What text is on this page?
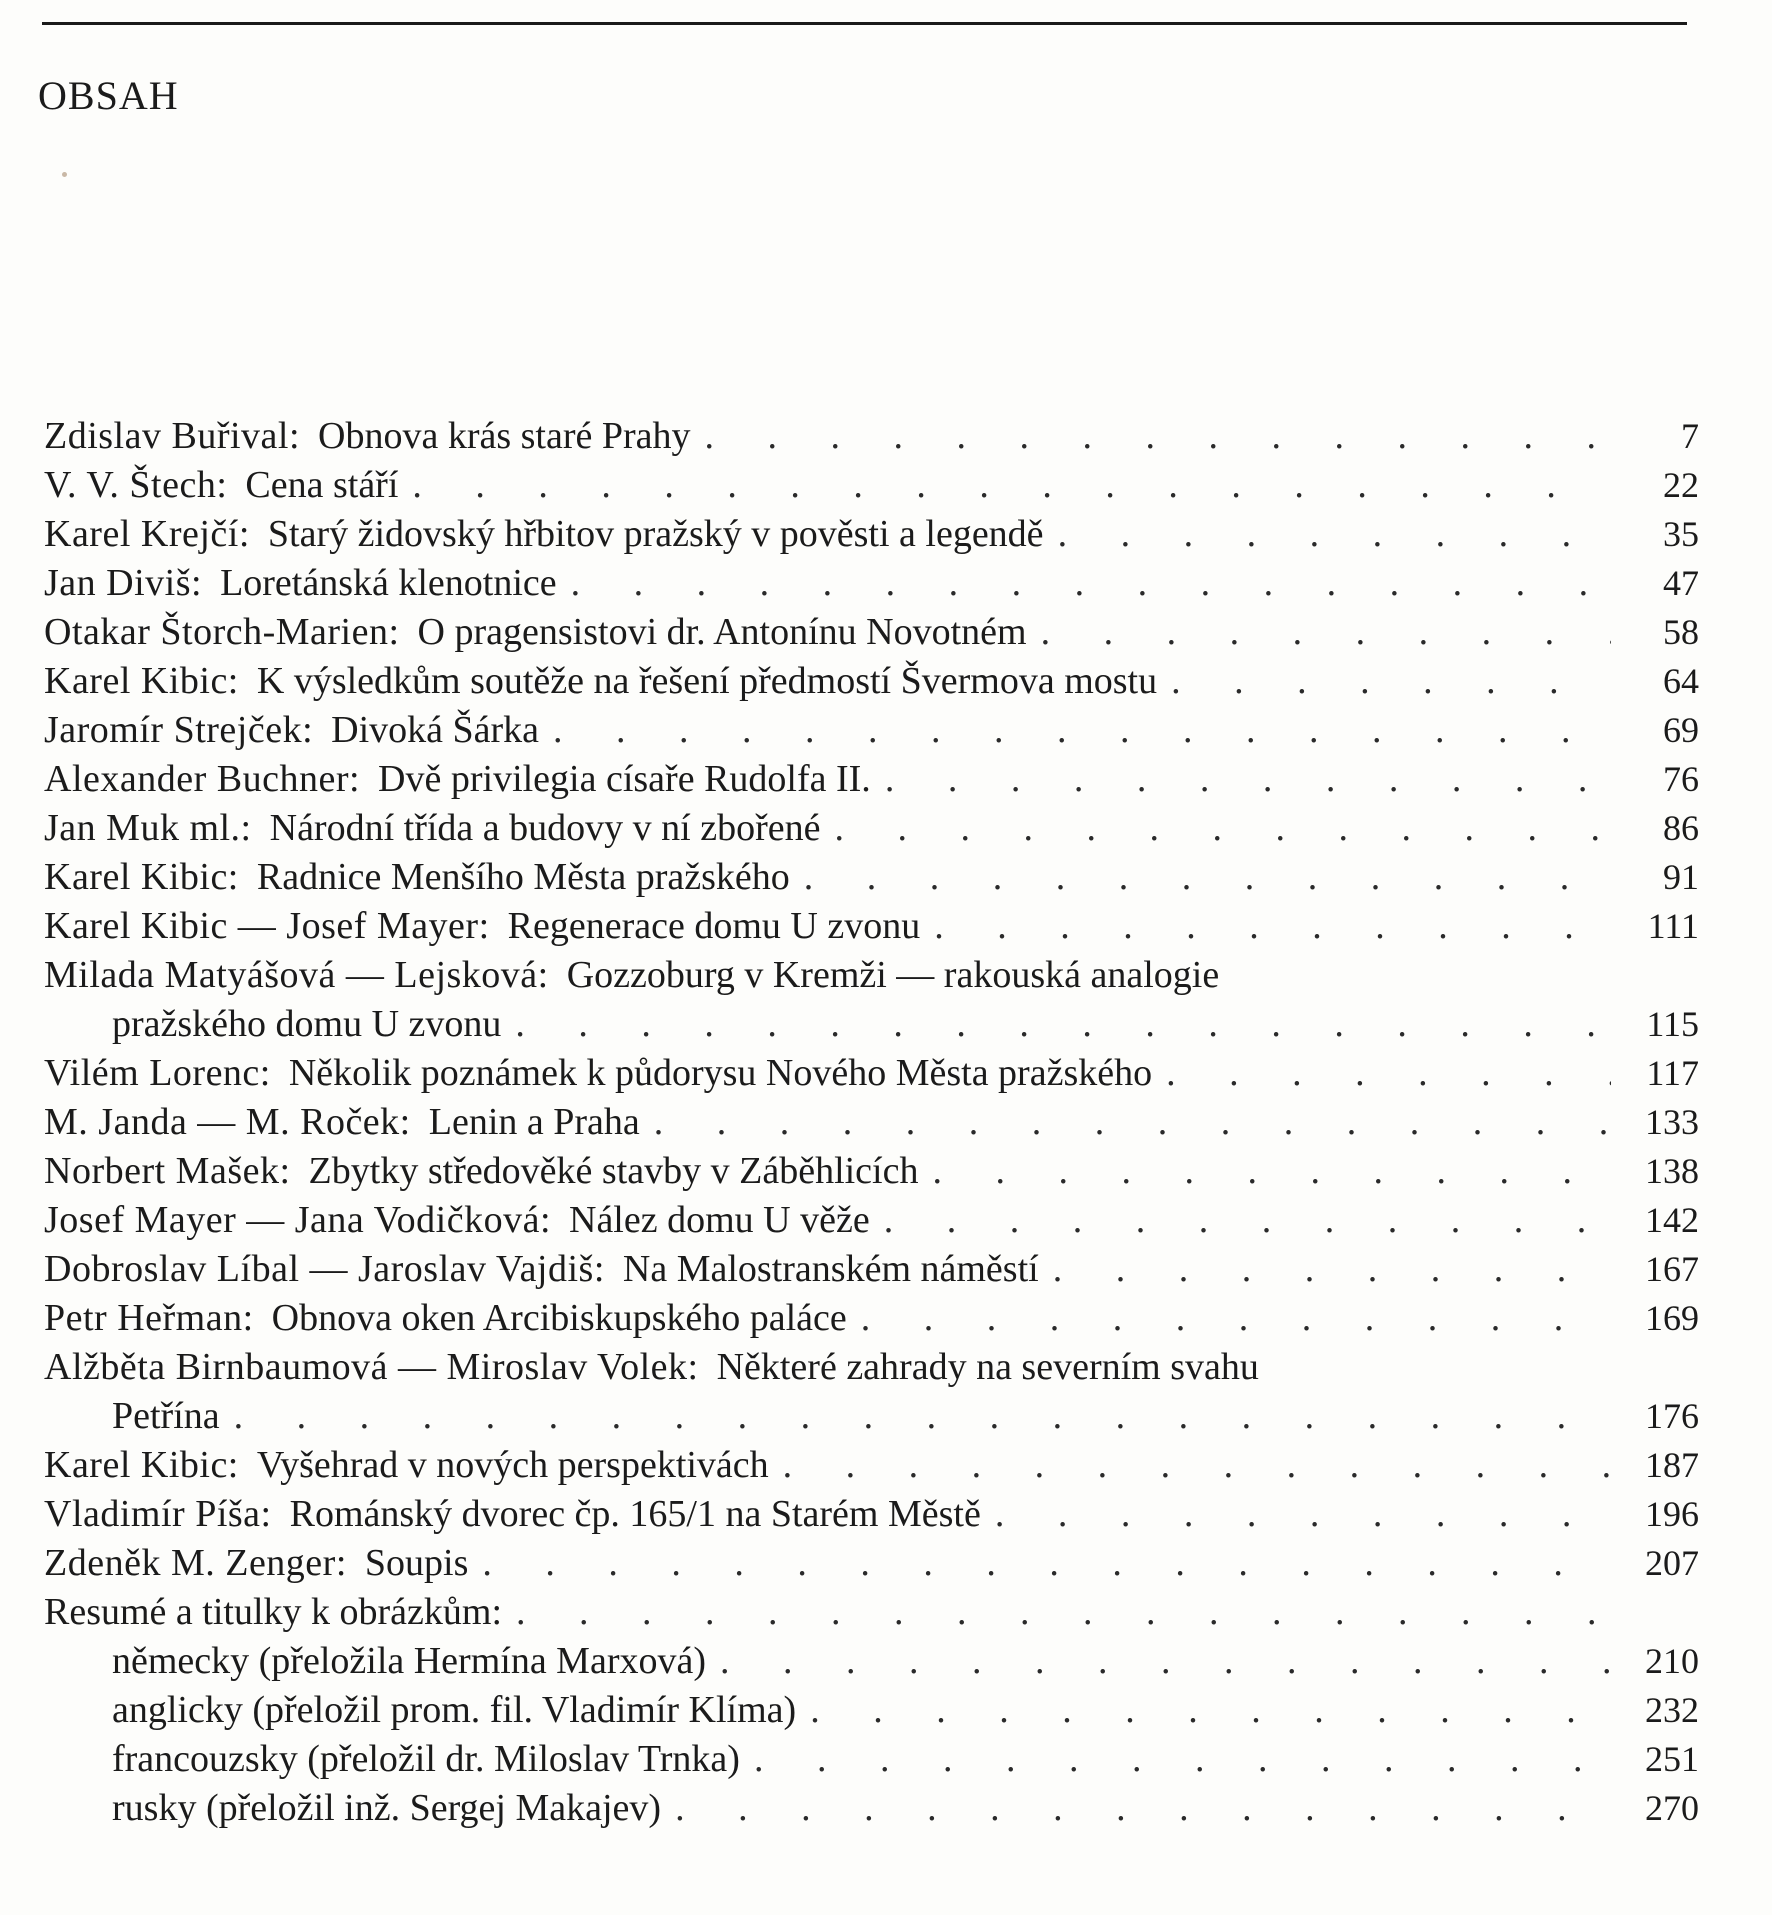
OBSAH
Zdislav Buřival: Obnova krás staré Prahy . . .	7
V. V. Štech: Cena stáří . . .	22
Karel Krejčí: Starý židovský hřbitov pražský v pověsti a legendě . . .	35
Jan Diviš: Loretánská klenotnice . . .	47
Otakar Štorch-Marien: O pragensistovi dr. Antonínu Novotném . . .	58
Karel Kibic: K výsledkům soutěže na řešení předmostí Švermova mostu . . .	64
Jaromír Strejček: Divoká Šárka . . .	69
Alexander Buchner: Dvě privilegia císaře Rudolfa II. . . .	76
Jan Muk ml.: Národní třída a budovy v ní zbořené . . .	86
Karel Kibic: Radnice Menšího Města pražského . . .	91
Karel Kibic — Josef Mayer: Regenerace domu U zvonu . . .	111
Milada Matyášová — Lejsková: Gozzoburg v Kremži — rakouská analogie
pražského domu U zvonu . . .	115
Vilém Lorenc: Několik poznámek k půdorysu Nového Města pražského . . .	117
M. Janda — M. Roček: Lenin a Praha . . .	133
Norbert Mašek: Zbytky středověké stavby v Záběhlicích . . .	138
Josef Mayer — Jana Vodičková: Nález domu U věže . . .	142
Dobroslav Líbal — Jaroslav Vajdiš: Na Malostranském náměstí . . .	167
Petr Heřman: Obnova oken Arcibiskupského paláce . . .	169
Alžběta Birnbaumová — Miroslav Volek: Některé zahrady na severním svahu
Petřína . . .	176
Karel Kibic: Vyšehrad v nových perspektivách . . .	187
Vladimír Píša: Románský dvorec čp. 165/1 na Starém Městě . . .	196
Zdeněk M. Zenger: Soupis . . .	207
Resumé a titulky k obrázkům:
. . .
německy (přeložila Hermína Marxová) . . .	210
anglicky (přeložil prom. fil. Vladimír Klíma) . . .	232
francouzsky (přeložil dr. Miloslav Trnka) . . .	251
rusky (přeložil inž. Sergej Makajev) . . .	270
